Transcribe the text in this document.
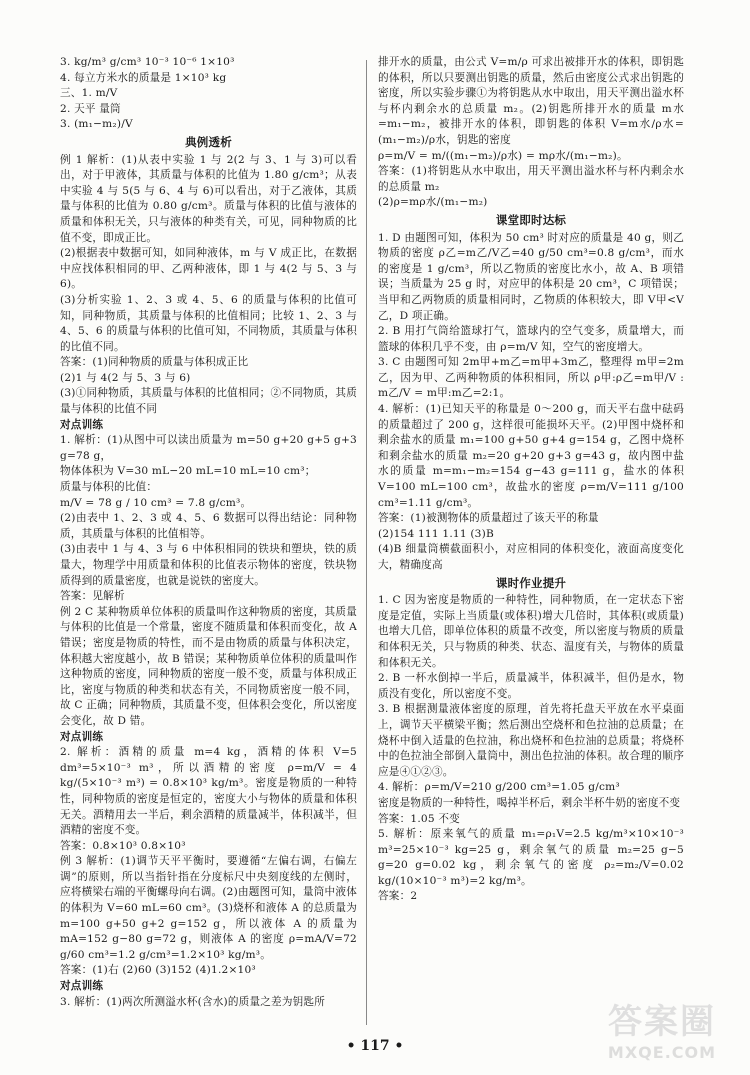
3. kg/m³ g/cm³ 10⁻³ 10⁻⁶ 1×10³

4. 每立方米水的质量是 1×10³ kg

三、1. m/V

2. 天平 量筒

3. (m₁−m₂)/V

典例透析

例 1 解析：(1)从表中实验 1 与 2(2 与 3、1 与 3)可以看出，对于甲液体，其质量与体积的比值为 1.80 g/cm³；从表中实验 4 与 5(5 与 6、4 与 6)可以看出，对于乙液体，其质量与体积的比值为 0.80 g/cm³。质量与体积的比值与液体的质量和体积无关，只与液体的种类有关，可见，同种物质的比值不变，即成正比。

(2)根据表中数据可知，如同种液体，m 与 V 成正比，在数据中应找体积相同的甲、乙两种液体，即 1 与 4(2 与 5、3 与 6)。

(3)分析实验 1、2、3 或 4、5、6 的质量与体积的比值可知，同种物质，其质量与体积的比值相同；比较 1、2、3 与 4、5、6 的质量与体积的比值可知，不同物质，其质量与体积的比值不同。

答案：(1)同种物质的质量与体积成正比

(2)1 与 4(2 与 5、3 与 6)

(3)①同种物质，其质量与体积的比值相同；②不同物质，其质量与体积的比值不同

对点训练

1. 解析：(1)从图中可以读出质量为 m=50 g+20 g+5 g+3 g=78 g，

物体体积为 V=30 mL−20 mL=10 mL=10 cm³；

质量与体积的比值：

m/V = 78 g / 10 cm³ = 7.8 g/cm³。

(2)由表中 1、2、3 或 4、5、6 数据可以得出结论：同种物质，其质量与体积的比值相等。

(3)由表中 1 与 4、3 与 6 中体积相同的铁块和塑块，铁的质量大，物理学中用质量和体积的比值表示物体的密度，铁块物质得到的质量密度，也就是说铁的密度大。

答案：见解析

例 2 C 某种物质单位体积的质量叫作这种物质的密度，其质量与体积的比值是一个常量，密度不随质量和体积而变化，故 A 错误；密度是物质的特性，而不是由物质的质量与体积决定，体积越大密度越小，故 B 错误；某种物质单位体积的质量叫作这种物质的密度，同种物质的密度一般不变，质量与体积成正比，密度与物质的种类和状态有关，不同物质密度一般不同，故 C 正确；同种物质，其质量不变，但体积会变化，所以密度会变化，故 D 错。

对点训练

2. 解析：酒精的质量 m=4 kg，酒精的体积 V=5 dm³=5×10⁻³ m³，所以酒精的密度 ρ=m/V = 4 kg/(5×10⁻³ m³) = 0.8×10³ kg/m³。密度是物质的一种特性，同种物质的密度是恒定的，密度大小与物体的质量和体积无关。酒精用去一半后，剩余酒精的质量减半，体积减半，但酒精的密度不变。

答案：0.8×10³ 0.8×10³

例 3 解析：(1)调节天平平衡时，要遵循“左偏右调，右偏左调”的原则，所以当指针指在分度标尺中央刻度线的左侧时，应将横梁右端的平衡螺母向右调。(2)由题图可知，量筒中液体的体积为 V=60 mL=60 cm³。(3)烧杯和液体 A 的总质量为 m=100 g+50 g+2 g=152 g，所以液体 A 的质量为 mA=152 g−80 g=72 g，则液体 A 的密度 ρ=mA/V=72 g/60 cm³=1.2 g/cm³=1.2×10³ kg/m³。

答案：(1)右 (2)60 (3)152 (4)1.2×10³

对点训练

3. 解析：(1)两次所测溢水杯(含水)的质量之差为钥匙所

排开水的质量，由公式 V=m/ρ 可求出被排开水的体积，即钥匙的体积，所以只要测出钥匙的质量，然后由密度公式求出钥匙的密度，所以实验步骤①为将钥匙从水中取出，用天平测出溢水杯与杯内剩余水的总质量 m₂。(2)钥匙所排开水的质量 m水=m₁−m₂，被排开水的体积，即钥匙的体积 V=m水/ρ水=(m₁−m₂)/ρ水，钥匙的密度

ρ=m/V = m/((m₁−m₂)/ρ水) = mρ水/(m₁−m₂)。

答案：(1)将钥匙从水中取出，用天平测出溢水杯与杯内剩余水的总质量 m₂

(2)ρ=mρ水/(m₁−m₂)

课堂即时达标

1. D 由题图可知，体积为 50 cm³ 时对应的质量是 40 g，则乙物质的密度 ρ乙=m乙/V乙=40 g/50 cm³=0.8 g/cm³，而水的密度是 1 g/cm³，所以乙物质的密度比水小，故 A、B 项错误；当质量为 25 g 时，对应甲的体积是 20 cm³，C 项错误；当甲和乙两物质的质量相同时，乙物质的体积较大，即 V甲<V乙，D 项正确。

2. B 用打气筒给篮球打气，篮球内的空气变多，质量增大，而篮球的体积几乎不变，由 ρ=m/V 知，空气的密度增大。

3. C 由题图可知 2m甲+m乙=m甲+3m乙，整理得 m甲=2m乙，因为甲、乙两种物质的体积相同，所以 ρ甲:ρ乙=m甲/V : m乙/V = m甲:m乙=2:1。

4. 解析：(1)已知天平的称量是 0～200 g，而天平右盘中砝码的质量超过了 200 g，这样很可能损坏天平。(2)甲图中烧杯和剩余盐水的质量 m₁=100 g+50 g+4 g=154 g，乙图中烧杯和剩余盐水的质量 m₂=20 g+20 g+3 g=43 g，故内图中盐水的质量 m=m₁−m₂=154 g−43 g=111 g，盐水的体积 V=100 mL=100 cm³，故盐水的密度 ρ=m/V=111 g/100 cm³=1.11 g/cm³。

答案：(1)被测物体的质量超过了该天平的称量

(2)154 111 1.11 (3)B

(4)B 细量筒横截面积小，对应相同的体积变化，液面高度变化大，精确度高

课时作业提升

1. C 因为密度是物质的一种特性，同种物质，在一定状态下密度是定值，实际上当质量(或体积)增大几倍时，其体积(或质量)也增大几倍，即单位体积的质量不改变，所以密度与物质的质量和体积无关，只与物质的种类、状态、温度有关，与物体的质量和体积无关。

2. B 一杯水倒掉一半后，质量减半，体积减半，但仍是水，物质没有变化，所以密度不变。

3. B 根据测量液体密度的原理，首先将托盘天平放在水平桌面上，调节天平横梁平衡；然后测出空烧杯和色拉油的总质量；在烧杯中倒入适量的色拉油，称出烧杯和色拉油的总质量；将烧杯中的色拉油全部倒入量筒中，测出色拉油的体积。故合理的顺序应是④①②③。

4. 解析：ρ=m/V=210 g/200 cm³=1.05 g/cm³

密度是物质的一种特性，喝掉半杯后，剩余半杯牛奶的密度不变

答案：1.05 不变

5. 解析：原来氧气的质量 m₁=ρ₁V=2.5 kg/m³×10×10⁻³ m³=25×10⁻³ kg=25 g，剩余氧气的质量 m₂=25 g−5 g=20 g=0.02 kg，剩余氧气的密度 ρ₂=m₂/V=0.02 kg/(10×10⁻³ m³)=2 kg/m³。

答案：2

• 117 •
答案圈
MXQE.COM
